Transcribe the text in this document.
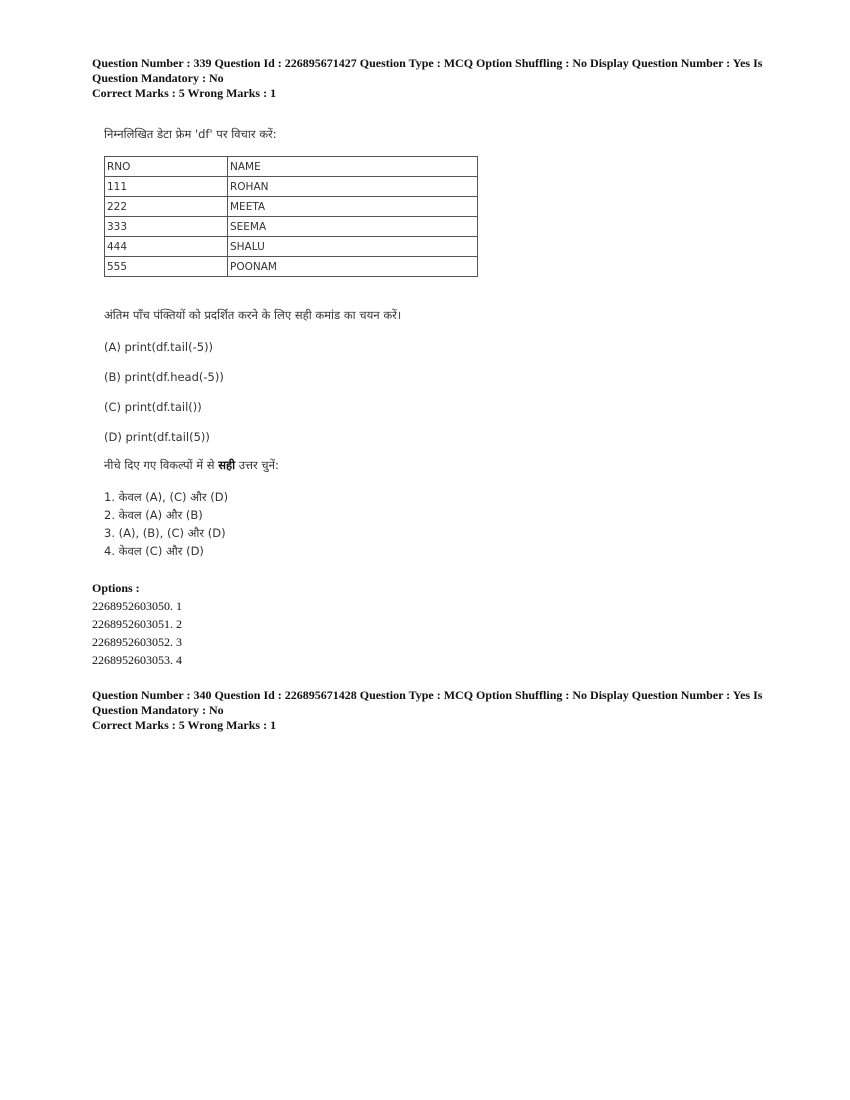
Question Number : 339 Question Id : 226895671427 Question Type : MCQ Option Shuffling : No Display Question Number : Yes Is
Question Mandatory : No
Correct Marks : 5 Wrong Marks : 1
निम्नलिखित डेटा फ्रेम 'df' पर विचार करें:
RNO	NAME
111	ROHAN
222	MEETA
333	SEEMA
444	SHALU
555	POONAM
अंतिम पाँच पंक्तियों को प्रदर्शित करने के लिए सही कमांड का चयन करें।
(A) print(df.tail(-5))
(B) print(df.head(-5))
(C) print(df.tail())
(D) print(df.tail(5))
नीचे दिए गए विकल्पों में से सही उत्तर चुनें:
1. केवल (A), (C) और (D)
2. केवल (A) और (B)
3. (A), (B), (C) और (D)
4. केवल (C) और (D)
Options :
2268952603050. 1
2268952603051. 2
2268952603052. 3
2268952603053. 4
Question Number : 340 Question Id : 226895671428 Question Type : MCQ Option Shuffling : No Display Question Number : Yes Is
Question Mandatory : No
Correct Marks : 5 Wrong Marks : 1
